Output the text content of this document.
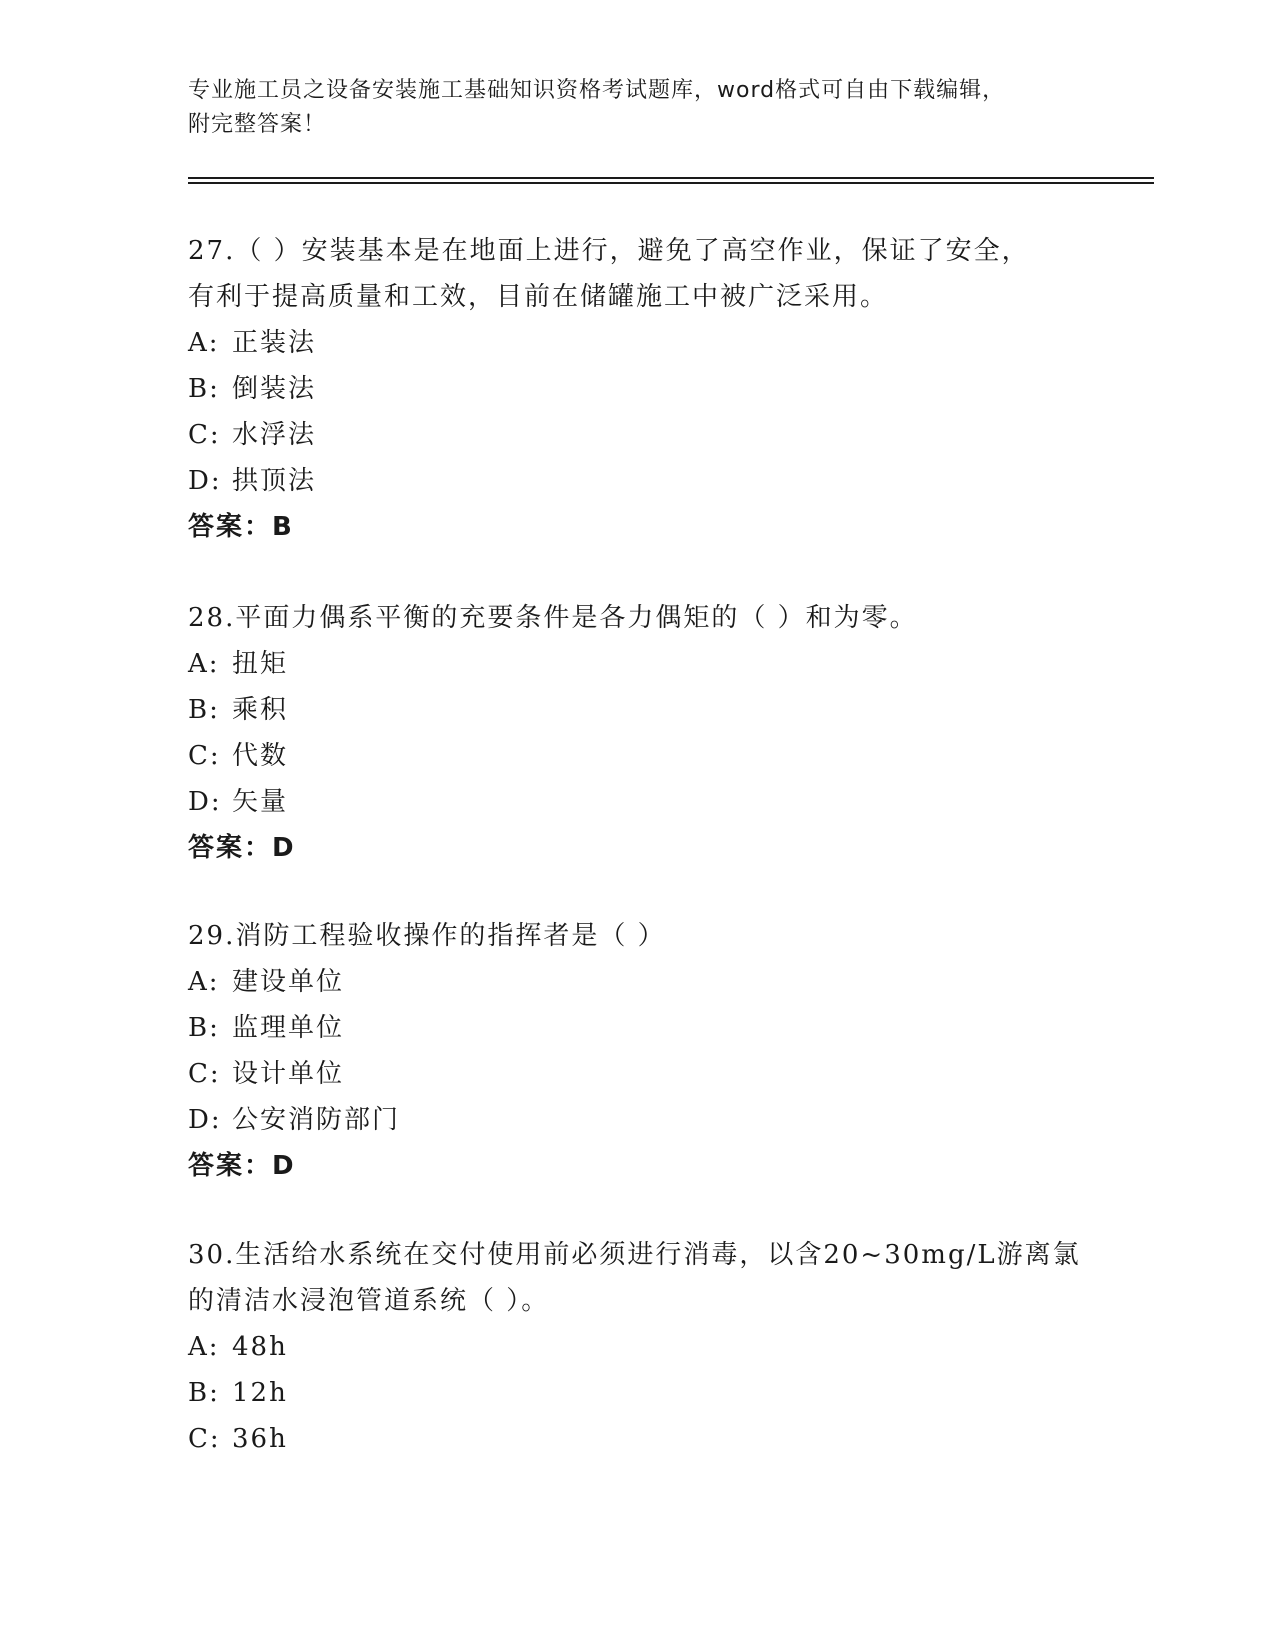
专业施工员之设备安装施工基础知识资格考试题库，word格式可自由下载编辑，
附完整答案！
27.（ ）安装基本是在地面上进行，避免了高空作业，保证了安全，
有利于提高质量和工效，目前在储罐施工中被广泛采用。
A: 正装法
B: 倒装法
C: 水浮法
D: 拱顶法
答案：B
28.平面力偶系平衡的充要条件是各力偶矩的（ ）和为零。
A: 扭矩
B: 乘积
C: 代数
D: 矢量
答案：D
29.消防工程验收操作的指挥者是（ ）
A: 建设单位
B: 监理单位
C: 设计单位
D: 公安消防部门
答案：D
30.生活给水系统在交付使用前必须进行消毒，以含20~30mg/L游离氯
的清洁水浸泡管道系统（ ）。
A: 48h
B: 12h
C: 36h
